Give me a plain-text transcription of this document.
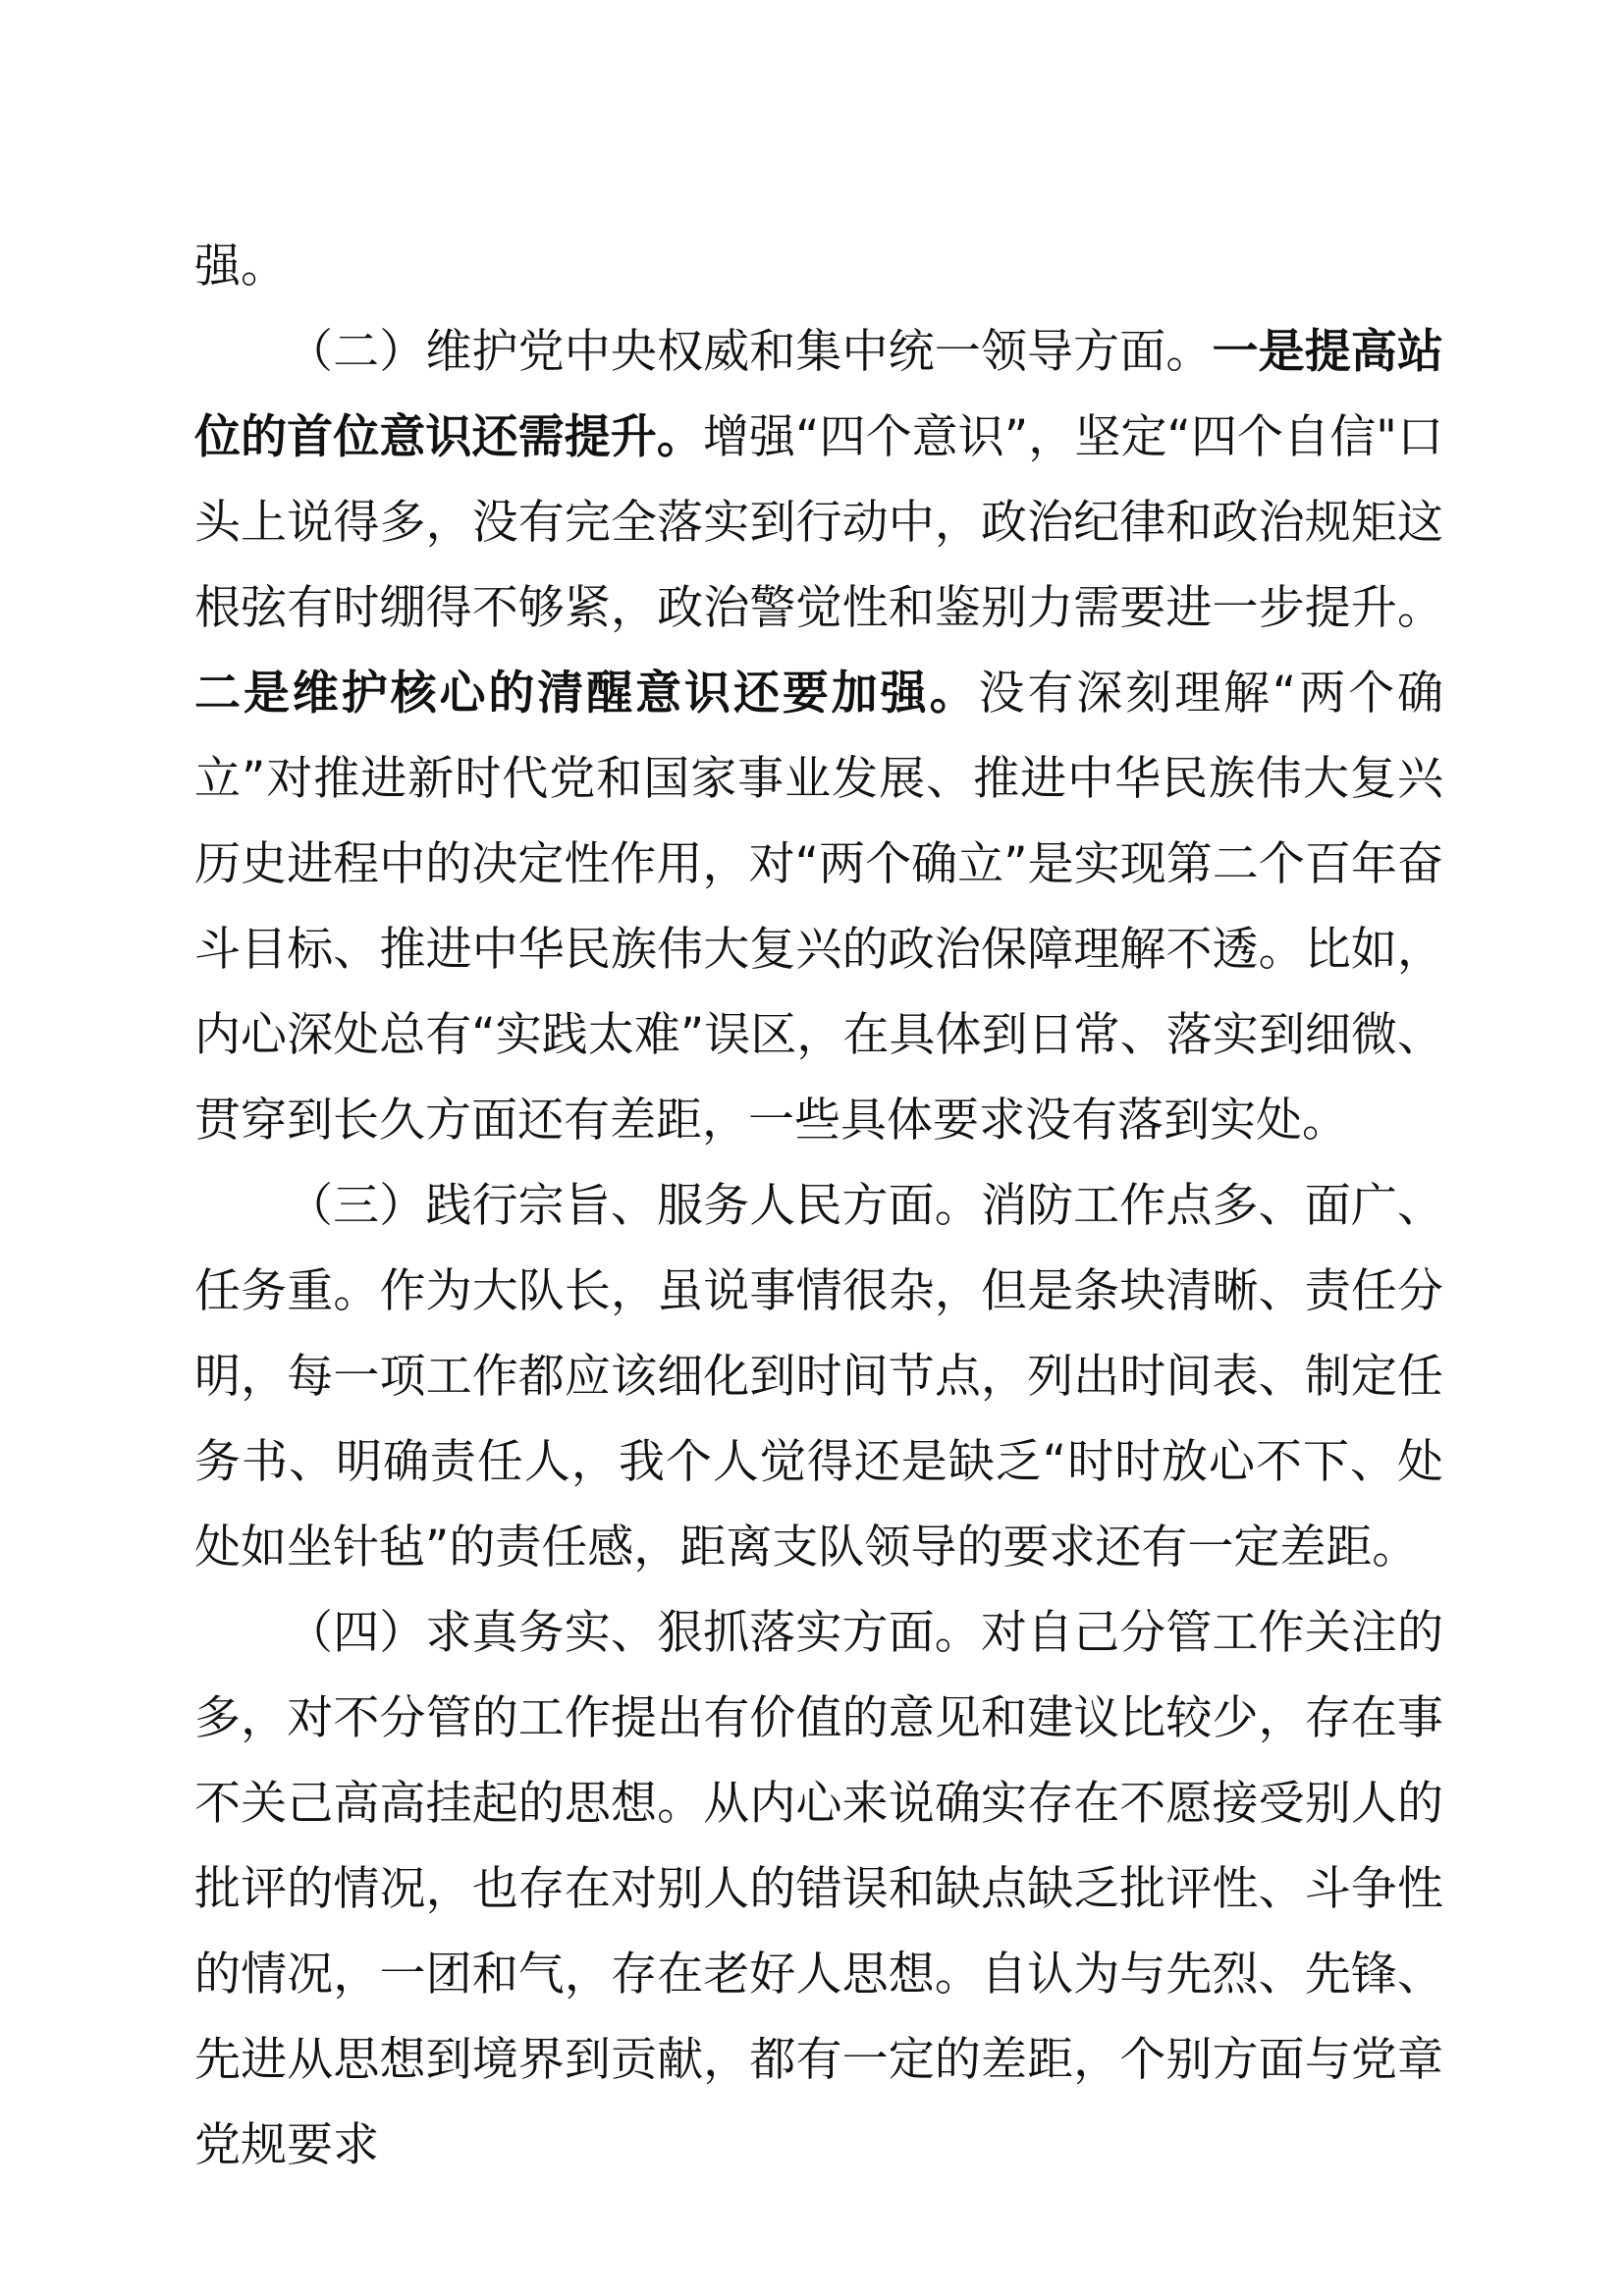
强。

（二）维护党中央权威和集中统一领导方面。一是提高站位的首位意识还需提升。增强“四个意识”，坚定“四个自信"口头上说得多，没有完全落实到行动中，政治纪律和政治规矩这根弦有时绷得不够紧，政治警觉性和鉴别力需要进一步提升。二是维护核心的清醒意识还要加强。没有深刻理解“两个确立”对推进新时代党和国家事业发展、推进中华民族伟大复兴历史进程中的决定性作用，对“两个确立”是实现第二个百年奋斗目标、推进中华民族伟大复兴的政治保障理解不透。比如，内心深处总有“实践太难”误区，在具体到日常、落实到细微、贯穿到长久方面还有差距，一些具体要求没有落到实处。

（三）践行宗旨、服务人民方面。消防工作点多、面广、任务重。作为大队长，虽说事情很杂，但是条块清晰、责任分明，每一项工作都应该细化到时间节点，列出时间表、制定任务书、明确责任人，我个人觉得还是缺乏“时时放心不下、处处如坐针毡”的责任感，距离支队领导的要求还有一定差距。

（四）求真务实、狠抓落实方面。对自己分管工作关注的多，对不分管的工作提出有价值的意见和建议比较少，存在事不关己高高挂起的思想。从内心来说确实存在不愿接受别人的批评的情况，也存在对别人的错误和缺点缺乏批评性、斗争性的情况，一团和气，存在老好人思想。自认为与先烈、先锋、先进从思想到境界到贡献，都有一定的差距，个别方面与党章党规要求
